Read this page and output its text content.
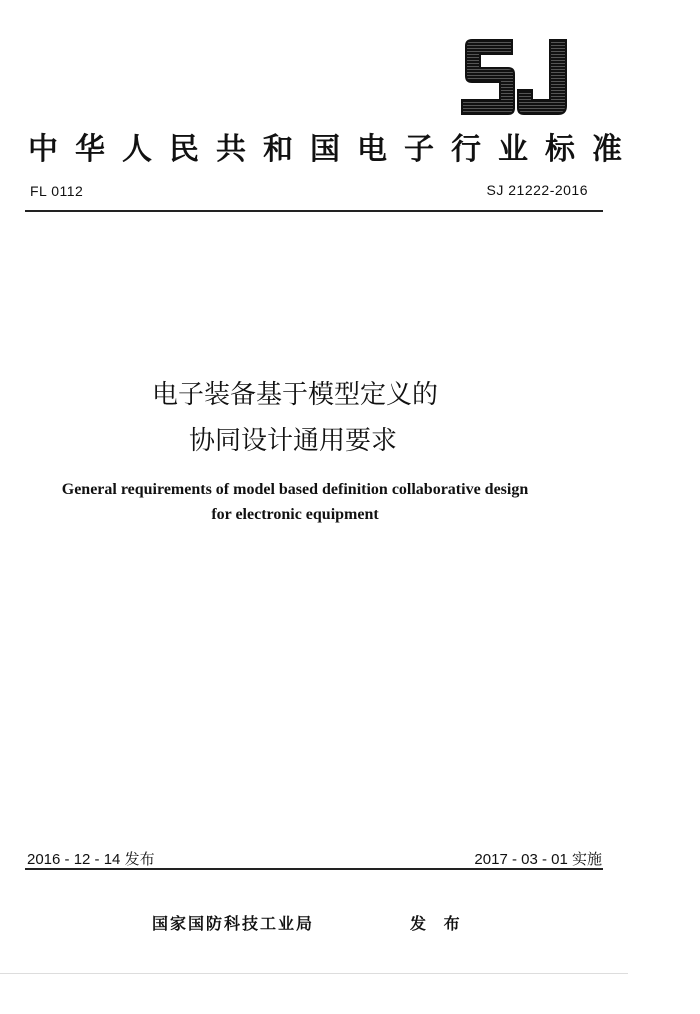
中华人民共和国电子行业标准
FL 0112	SJ 21222-2016
电子装备基于模型定义的
协同设计通用要求
General requirements of model based definition collaborative design
for electronic equipment
2016 - 12 - 14 发布	2017 - 03 - 01 实施
国家国防科技工业局	发 布
